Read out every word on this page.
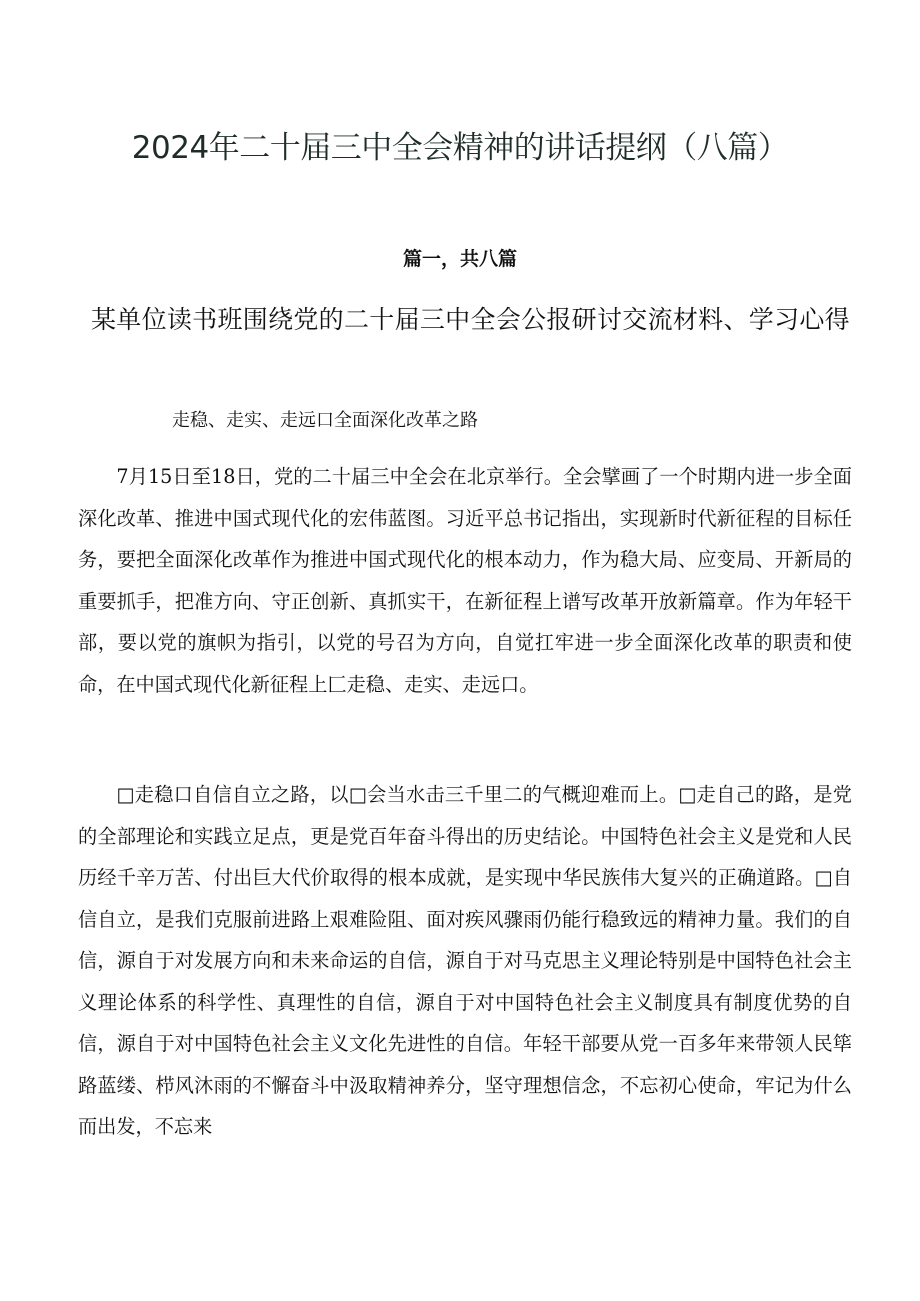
2024年二十届三中全会精神的讲话提纲（八篇）
篇一，共八篇
某单位读书班围绕党的二十届三中全会公报研讨交流材料、学习心得
走稳、走实、走远口全面深化改革之路

7月15日至18日，党的二十届三中全会在北京举行。全会擘画了一个时期内进一步全面深化改革、推进中国式现代化的宏伟蓝图。习近平总书记指出，实现新时代新征程的目标任务，要把全面深化改革作为推进中国式现代化的根本动力，作为稳大局、应变局、开新局的重要抓手，把准方向、守正创新、真抓实干，在新征程上谱写改革开放新篇章。作为年轻干部，要以党的旗帜为指引，以党的号召为方向，自觉扛牢进一步全面深化改革的职责和使命，在中国式现代化新征程上匚走稳、走实、走远口。

□走稳口自信自立之路，以□会当水击三千里二的气概迎难而上。□走自己的路，是党的全部理论和实践立足点，更是党百年奋斗得出的历史结论。中国特色社会主义是党和人民历经千辛万苦、付出巨大代价取得的根本成就，是实现中华民族伟大复兴的正确道路。□自信自立，是我们克服前进路上艰难险阻、面对疾风骤雨仍能行稳致远的精神力量。我们的自信，源自于对发展方向和未来命运的自信，源自于对马克思主义理论特别是中国特色社会主义理论体系的科学性、真理性的自信，源自于对中国特色社会主义制度具有制度优势的自信，源自于对中国特色社会主义文化先进性的自信。年轻干部要从党一百多年来带领人民筚路蓝缕、栉风沐雨的不懈奋斗中汲取精神养分，坚守理想信念，不忘初心使命，牢记为什么而出发，不忘来
